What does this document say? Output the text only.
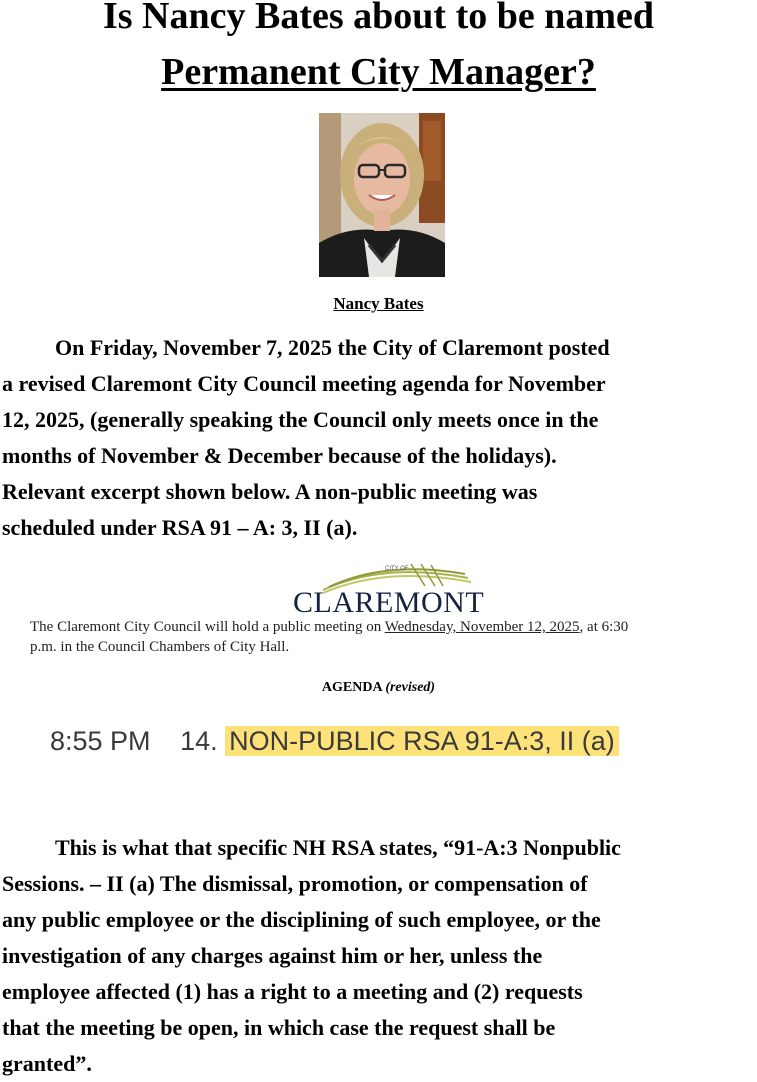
Is Nancy Bates about to be named
Permanent City Manager?
Nancy Bates

On Friday, November 7, 2025 the City of Claremont posted
a revised Claremont City Council meeting agenda for November
12, 2025, (generally speaking the Council only meets once in the
months of November & December because of the holidays).
Relevant excerpt shown below. A non-public meeting was
scheduled under RSA 91 – A: 3, II (a).

CITY OF
CLAREMONT
The Claremont City Council will hold a public meeting on Wednesday, November 12, 2025, at 6:30
p.m. in the Council Chambers of City Hall.
AGENDA (revised)
8:55 PM 14. NON-PUBLIC RSA 91-A:3, II (a)

This is what that specific NH RSA states, “91-A:3 Nonpublic
Sessions. – II (a) The dismissal, promotion, or compensation of
any public employee or the disciplining of such employee, or the
investigation of any charges against him or her, unless the
employee affected (1) has a right to a meeting and (2) requests
that the meeting be open, in which case the request shall be
granted”.
